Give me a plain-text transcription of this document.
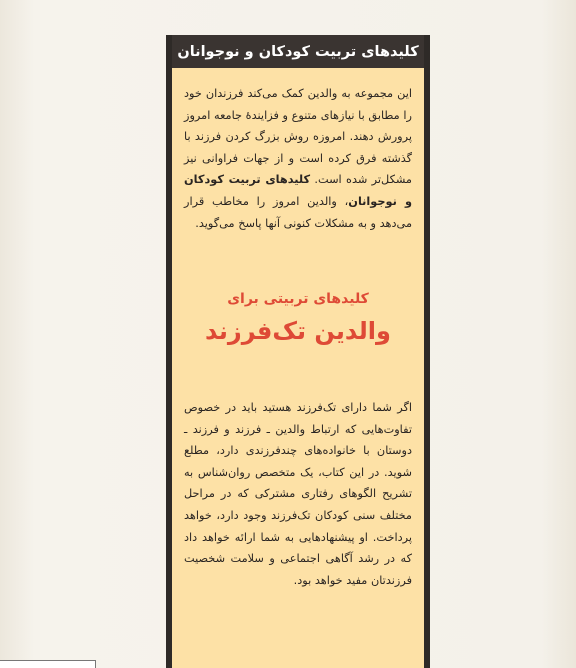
کلیدهای تربیت کودکان و نوجوانان
این مجموعه به والدین کمک می‌کند فرزندان خود را مطابق با نیازهای متنوع و فزایندهٔ جامعه امروز پرورش دهند. امروزه روش بزرگ کردن فرزند با گذشته فرق کرده است و از جهات فراوانی نیز مشکل‌تر شده است. کلیدهای تربیت کودکان و نوجوانان، والدین امروز را مخاطب قرار می‌دهد و به مشکلات کنونی آنها پاسخ می‌گوید.
کلیدهای تربیتی برای
والدین تک‌فرزند
اگر شما دارای تک‌فرزند هستید باید در خصوص تفاوت‌هایی که ارتباط والدین ـ فرزند و فرزند ـ دوستان با خانواده‌های چندفرزندی دارد، مطلع شوید. در این کتاب، یک متخصص روان‌شناس به تشریح الگوهای رفتاری مشترکی که در مراحل مختلف سنی کودکان تک‌فرزند وجود دارد، خواهد پرداخت. او پیشنهادهایی به شما ارائه خواهد داد که در رشد آگاهی اجتماعی و سلامت شخصیت فرزندتان مفید خواهد بود.
